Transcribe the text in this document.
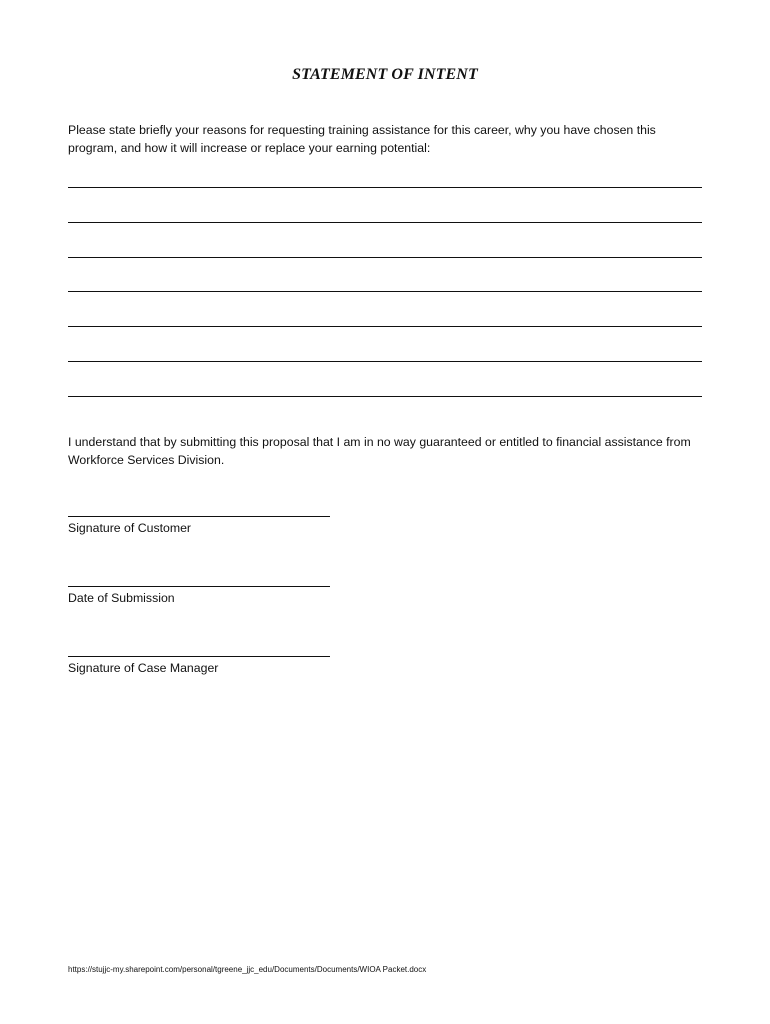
STATEMENT OF INTENT
Please state briefly your reasons for requesting training assistance for this career, why you have chosen this program, and how it will increase or replace your earning potential:
I understand that by submitting this proposal that I am in no way guaranteed or entitled to financial assistance from Workforce Services Division.
Signature of Customer
Date of Submission
Signature of Case Manager
https://stujjc-my.sharepoint.com/personal/tgreene_jjc_edu/Documents/Documents/WIOA Packet.docx
